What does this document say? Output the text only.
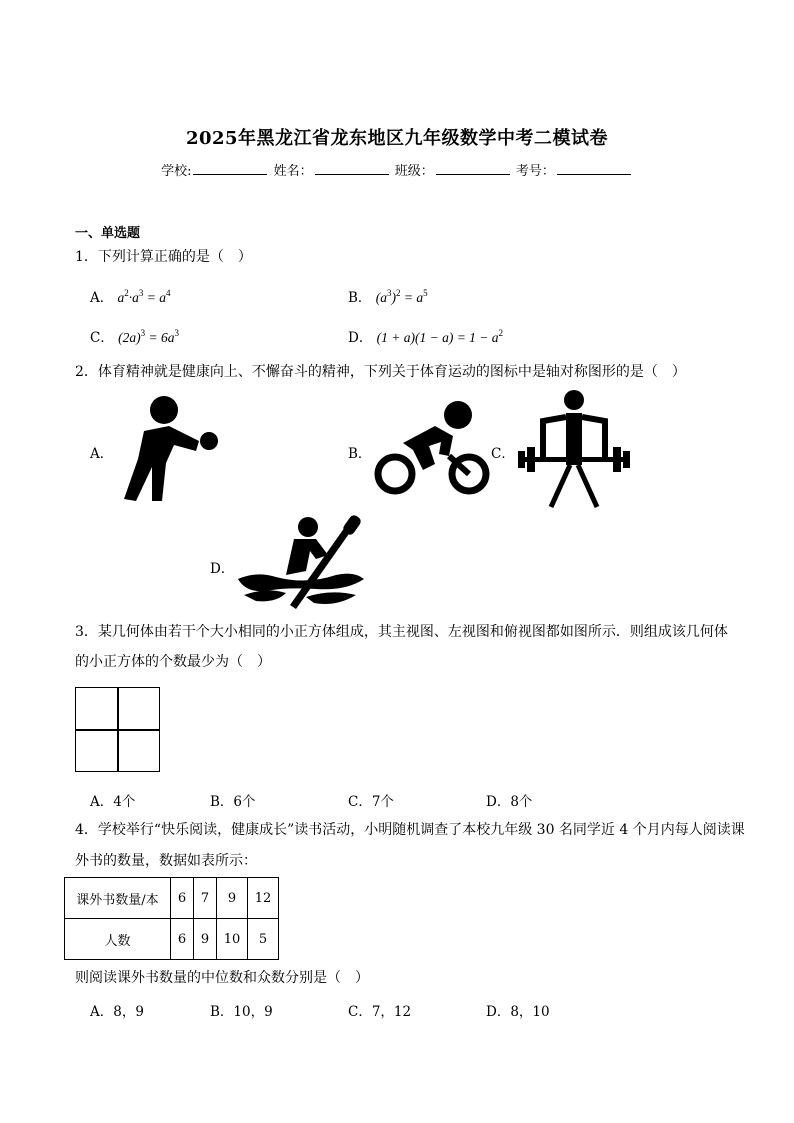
2025年黑龙江省龙东地区九年级数学中考二模试卷
学校:	姓名：	班级：	考号：
一、单选题
1．下列计算正确的是（　）
A． $a^2\cdot a^3 = a^4$	B． $(a^3)^2 = a^5$
C． $(2a)^3 = 6a^3$	D． $(1 + a)(1 - a) = 1 - a^2$
2．体育精神就是健康向上、不懈奋斗的精神，下列关于体育运动的图标中是轴对称图形的是（　）
A．	B．	C．
D．
3．某几何体由若干个大小相同的小正方体组成，其主视图、左视图和俯视图都如图所示．则组成该几何体
的小正方体的个数最少为（　）
A．4个	B．6个	C．7个	D．8个
4．学校举行“快乐阅读，健康成长”读书活动，小明随机调查了本校九年级 30 名同学近 4 个月内每人阅读课
外书的数量，数据如表所示：
课外书数量/本	6	7	9	12
人数	6	9	10	5
则阅读课外书数量的中位数和众数分别是（　）
A．8，9	B．10，9	C．7，12	D．8，10
